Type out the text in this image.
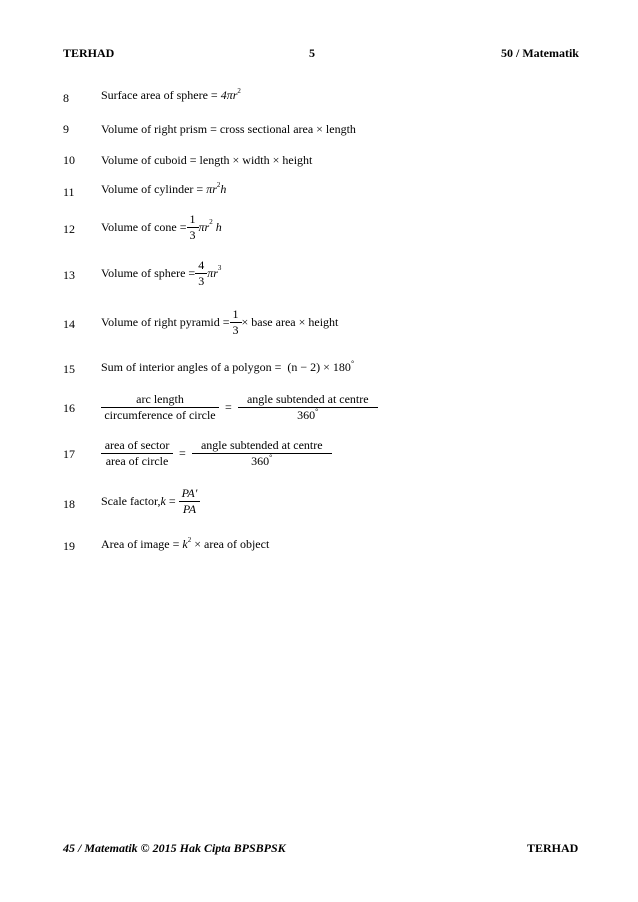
TERHAD	5	50 / Matematik
8	Surface area of sphere = $4\pi r^2$
9	Volume of right prism = cross sectional area × length
10 Volume of cuboid = length × width × height
11 Volume of cylinder = $\pi r^2h$
12 Volume of cone = $\frac{1}{3}$ πr 2
h
13 Volume of sphere = $\frac{4}{3}$ πr 3
14 Volume of right pyramid = $\frac{1}{3}$ × base area × height
15 Sum of interior angles of a polygon =  (n − 2) × 180°
$16 \frac{\text{arc length}}{\text{circumference of circle}} = \frac{\text{angle subtended at centre}}{360^\circ}$
$17 \frac{\text{area of sector}}{\text{area of circle}} = \frac{\text{angle subtended at centre}}{360^\circ}$
18 Scale factor, $k = \frac{PA'}{PA}$
19 Area of image = $k^2$ × area of object
45 / Matematik © 2015 Hak Cipta BPSBPSK	TERHAD
